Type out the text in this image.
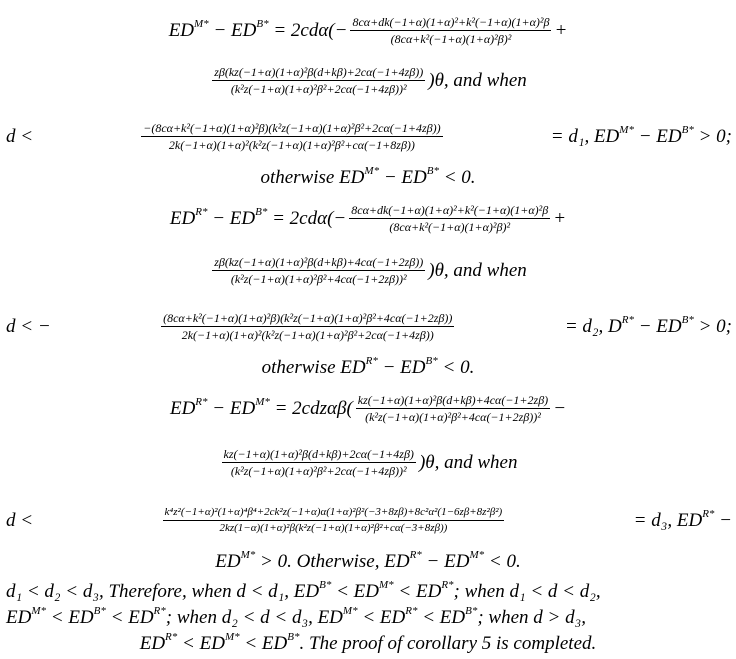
$ED^{M*} - ED^{B*} = 2cd\alpha(- \frac{\text{8cα+dk(−1+α)(1+α)²+k²(−1+α)(1+α)²β}}{\text{(8cα+k²(−1+α)(1+α)²β)²}}$ +
$\frac{\text{zβ(kz(−1+α)(1+α)²β(d+kβ)+2cα(−1+4zβ))}}{\text{(k²z(−1+α)(1+α)²β²+2cα(−1+4zβ))²}} )\theta$, and when
d <	$\frac{\text{−(8cα+k²(−1+α)(1+α)²β)(k²z(−1+α)(1+α)²β²+2cα(−1+4zβ))}}{\text{2k(−1+α)(1+α)²(k²z(−1+α)(1+α)²β²+cα(−1+8zβ))}}$	= d₁, $ED^{M*} - ED^{B*} > 0$;
otherwise $ED^{M*} - ED^{B*} < 0$.
$ED^{R*} - ED^{B*} = 2cd\alpha(- \frac{\text{8cα+dk(−1+α)(1+α)²+k²(−1+α)(1+α)²β}}{\text{(8cα+k²(−1+α)(1+α)²β)²}}$ +
$\frac{\text{zβ(kz(−1+α)(1+α)²β(d+kβ)+4cα(−1+2zβ))}}{\text{(k²z(−1+α)(1+α)²β²+4cα(−1+2zβ))²}} )\theta$, and when
d < −	$\frac{\text{(8cα+k²(−1+α)(1+α)²β)(k²z(−1+α)(1+α)²β²+4cα(−1+2zβ))}}{\text{2k(−1+α)(1+α)²(k²z(−1+α)(1+α)²β²+2cα(−1+4zβ))}}$	= d₂, $D^{R*} - ED^{B*} > 0$;
otherwise $ED^{R*} - ED^{B*} < 0$.
$ED^{R*} - ED^{M*} = 2cdz\alpha\beta( \frac{\text{kz(−1+α)(1+α)²β(d+kβ)+4cα(−1+2zβ)}}{\text{(k²z(−1+α)(1+α)²β²+4cα(−1+2zβ))²}}$ −
$\frac{\text{kz(−1+α)(1+α)²β(d+kβ)+2cα(−1+4zβ)}}{\text{(k²z(−1+α)(1+α)²β²+2cα(−1+4zβ))²}} )\theta$, and when
d <	k⁴z²(−1+α)²(1+α)⁴β⁴+2ck²z(−1+α)α(1+α)²β²(−3+8zβ)+8c²α²(1−6zβ+8z²β²)
2kz(1−α)(1+α)²β(k²z(−1+α)(1+α)²β²+cα(−3+8zβ))	= d₃, $ED^{R*}$ −
$ED^{M*} > 0$. Otherwise, $ED^{R*} - ED^{M*} < 0$.
d₁ < d₂ < d₃, Therefore, when d < d₁, $ED^{B*} < ED^{M*} < ED^{R*}$; when d₁ < d < d₂,
$ED^{M*} < ED^{B*} < ED^{R*}$; when d₂ < d < d₃, $ED^{M*} < ED^{R*} < ED^{B*}$; when d > d₃,
$ED^{R*} < ED^{M*} < ED^{B*}$. The proof of corollary 5 is completed.
